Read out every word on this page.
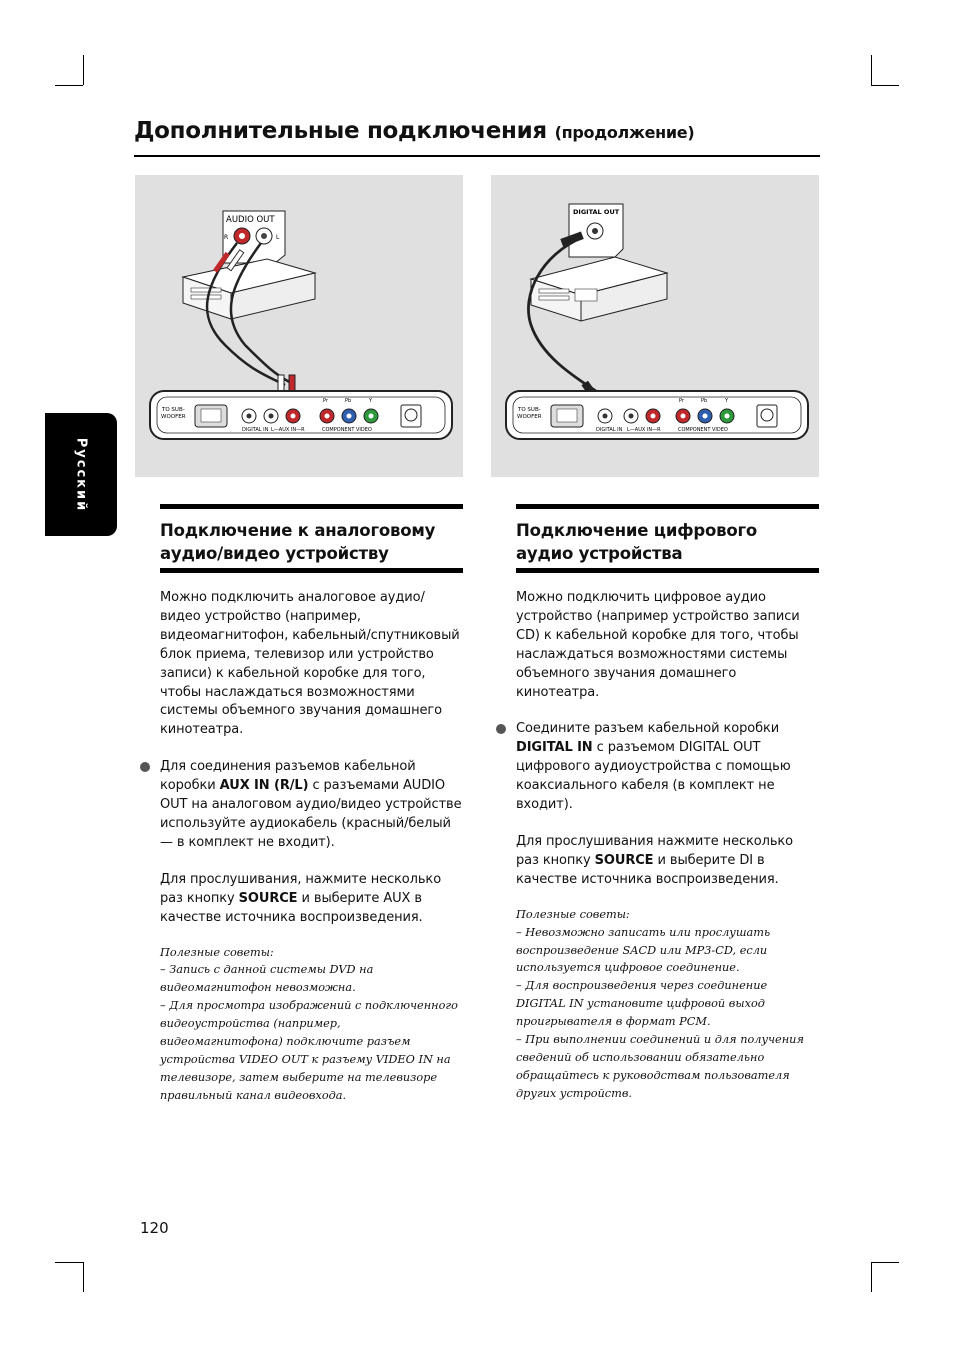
Дополнительные подключения (продолжение)
Русский
AUDIO OUT
R	L
TO SUB-
WOOFER
Pr	Pb	Y
DIGITAL IN L—AUX IN—R	COMPONENT VIDEO
DIGITAL OUT
TO SUB-
WOOFER
Pr	Pb	Y
DIGITAL IN L—AUX IN—R	COMPONENT VIDEO
Подключение к аналоговому
аудио/видео устройству

Можно подключить аналоговое аудио/видео устройство (например, видеомагнитофон, кабельный/спутниковый блок приема, телевизор или устройство записи) к кабельной коробке для того, чтобы наслаждаться возможностями системы объемного звучания домашнего кинотеатра.

Для соединения разъемов кабельной коробки AUX IN (R/L) с разъемами AUDIO OUT на аналоговом аудио/видео устройстве используйте аудиокабель (красный/белый — в комплект не входит).

Для прослушивания, нажмите несколько раз кнопку SOURCE и выберите AUX в качестве источника воспроизведения.

Полезные советы:

– Запись с данной системы DVD на видеомагнитофон невозможна.

– Для просмотра изображений с подключенного видеоустройства (например, видеомагнитофона) подключите разъем устройства VIDEO OUT к разъему VIDEO IN на телевизоре, затем выберите на телевизоре правильный канал видеовхода.

Подключение цифрового
аудио устройства

Можно подключить цифровое аудио устройство (например устройство записи CD) к кабельной коробке для того, чтобы наслаждаться возможностями системы объемного звучания домашнего кинотеатра.

Соедините разъем кабельной коробки DIGITAL IN с разъемом DIGITAL OUT цифрового аудиоустройства с помощью коаксиального кабеля (в комплект не входит).

Для прослушивания нажмите несколько раз кнопку SOURCE и выберите DI в качестве источника воспроизведения.

Полезные советы:

– Невозможно записать или прослушать воспроизведение SACD или MP3-CD, если используется цифровое соединение.

– Для воспроизведения через соединение DIGITAL IN установите цифровой выход проигрывателя в формат PCM.

– При выполнении соединений и для получения сведений об использовании обязательно обращайтесь к руководствам пользователя других устройств.

120
